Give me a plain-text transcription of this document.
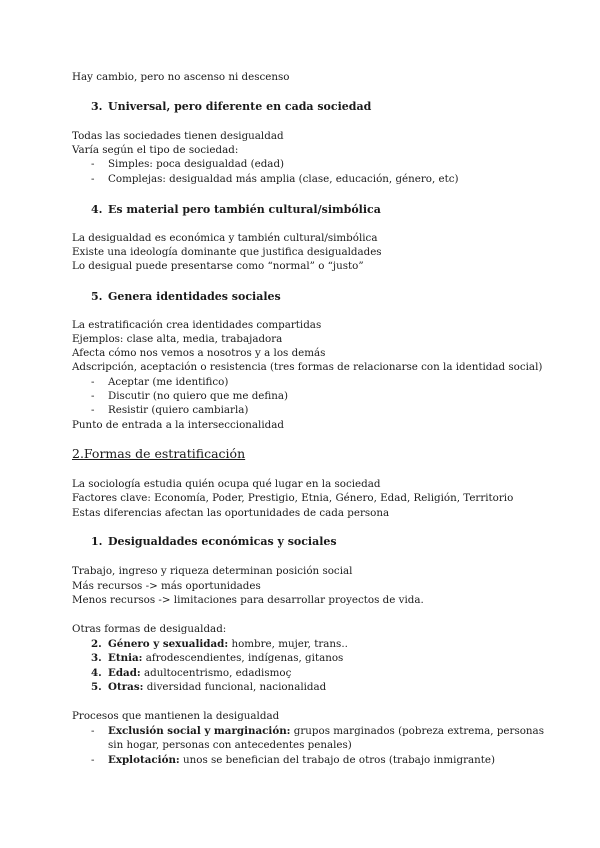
Hay cambio, pero no ascenso ni descenso
3. Universal, pero diferente en cada sociedad
Todas las sociedades tienen desigualdad
Varía según el tipo de sociedad:
- Simples: poca desigualdad (edad)
- Complejas: desigualdad más amplia (clase, educación, género, etc)
4. Es material pero también cultural/simbólica
La desigualdad es económica y también cultural/simbólica
Existe una ideología dominante que justifica desigualdades
Lo desigual puede presentarse como “normal” o “justo”
5. Genera identidades sociales
La estratificación crea identidades compartidas
Ejemplos: clase alta, media, trabajadora
Afecta cómo nos vemos a nosotros y a los demás
Adscripción, aceptación o resistencia (tres formas de relacionarse con la identidad social)
- Aceptar (me identifico)
- Discutir (no quiero que me defina)
- Resistir (quiero cambiarla)
Punto de entrada a la interseccionalidad
2.Formas de estratificación
La sociología estudia quién ocupa qué lugar en la sociedad
Factores clave: Economía, Poder, Prestigio, Etnia, Género, Edad, Religión, Territorio
Estas diferencias afectan las oportunidades de cada persona
1. Desigualdades económicas y sociales
Trabajo, ingreso y riqueza determinan posición social
Más recursos -> más oportunidades
Menos recursos -> limitaciones para desarrollar proyectos de vida.
Otras formas de desigualdad:
2. Género y sexualidad: hombre, mujer, trans..
3. Etnia: afrodescendientes, indígenas, gitanos
4. Edad: adultocentrismo, edadismoç
5. Otras: diversidad funcional, nacionalidad
Procesos que mantienen la desigualdad
- Exclusión social y marginación: grupos marginados (pobreza extrema, personas
sin hogar, personas con antecedentes penales)
- Explotación: unos se benefician del trabajo de otros (trabajo inmigrante)
